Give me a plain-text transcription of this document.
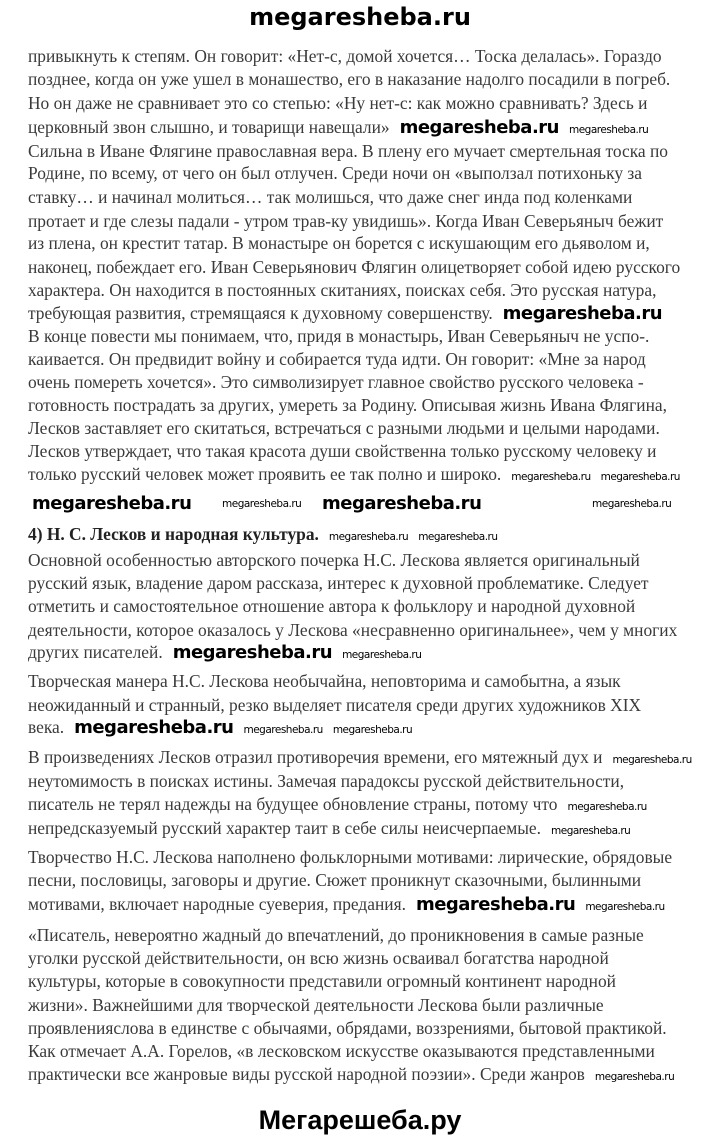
megaresheba.ru
привыкнуть к степям. Он говорит: «Нет-с, домой хочется… Тоска делалась». Гораздо
позднее, когда он уже ушел в монашество, его в наказание надолго посадили в погреб.
Но он даже не сравнивает это со степью: «Ну нет-с: как можно сравнивать? Здесь и
церковный звон слышно, и товарищи навещали» megaresheba.ru megaresheba.ru
Сильна в Иване Флягине православная вера. В плену его мучает смертельная тоска по
Родине, по всему, от чего он был отлучен. Среди ночи он «выползал потихоньку за
ставку… и начинал молиться… так молишься, что даже снег инда под коленками
протает и где слезы падали - утром трав-ку увидишь». Когда Иван Северьяныч бежит
из плена, он крестит татар. В монастыре он борется с искушающим его дьяволом и,
наконец, побеждает его. Иван Северьянович Флягин олицетворяет собой идею русского
характера. Он находится в постоянных скитаниях, поисках себя. Это русская натура,
требующая развития, стремящаяся к духовному совершенству. megaresheba.ru
В конце повести мы понимаем, что, придя в монастырь, Иван Северьяныч не успо-.
каивается. Он предвидит войну и собирается туда идти. Он говорит: «Мне за народ
очень помереть хочется». Это символизирует главное свойство русского человека -
готовность пострадать за других, умереть за Родину. Описывая жизнь Ивана Флягина,
Лесков заставляет его скитаться, встречаться с разными людьми и целыми народами.
Лесков утверждает, что такая красота души свойственна только русскому человеку и
только русский человек может проявить ее так полно и широко. megaresheba.ru megaresheba.ru
4) Н. С. Лесков и народная культура. megaresheba.ru megaresheba.ru
Основной особенностью авторского почерка Н.С. Лескова является оригинальный
русский язык, владение даром рассказа, интерес к духовной проблематике. Следует
отметить и самостоятельное отношение автора к фольклору и народной духовной
деятельности, которое оказалось у Лескова «несравненно оригинальнее», чем у многих
других писателей. megaresheba.ru megaresheba.ru
Творческая манера Н.С. Лескова необычайна, неповторима и самобытна, а язык
неожиданный и странный, резко выделяет писателя среди других художников XIX
века. megaresheba.ru megaresheba.ru megaresheba.ru
В произведениях Лесков отразил противоречия времени, его мятежный дух и megaresheba.ru
неутомимость в поисках истины. Замечая парадоксы русской действительности,
писатель не терял надежды на будущее обновление страны, потому что megaresheba.ru
непредсказуемый русский характер таит в себе силы неисчерпаемые. megaresheba.ru
Творчество Н.С. Лескова наполнено фольклорными мотивами: лирические, обрядовые
песни, пословицы, заговоры и другие. Сюжет проникнут сказочными, былинными
мотивами, включает народные суеверия, предания. megaresheba.ru megaresheba.ru
«Писатель, невероятно жадный до впечатлений, до проникновения в самые разные
уголки русской действительности, он всю жизнь осваивал богатства народной
культуры, которые в совокупности представили огромный континент народной
жизни». Важнейшими для творческой деятельности Лескова были различные
проявленияслова в единстве с обычаями, обрядами, воззрениями, бытовой практикой.
Как отмечает А.А. Горелов, «в лесковском искусстве оказываются представленными
практически все жанровые виды русской народной поэзии». Среди жанров megaresheba.ru
megaresheba.ru	megaresheba.ru megaresheba.ru	megaresheba.ru
Мегарешеба.ру
